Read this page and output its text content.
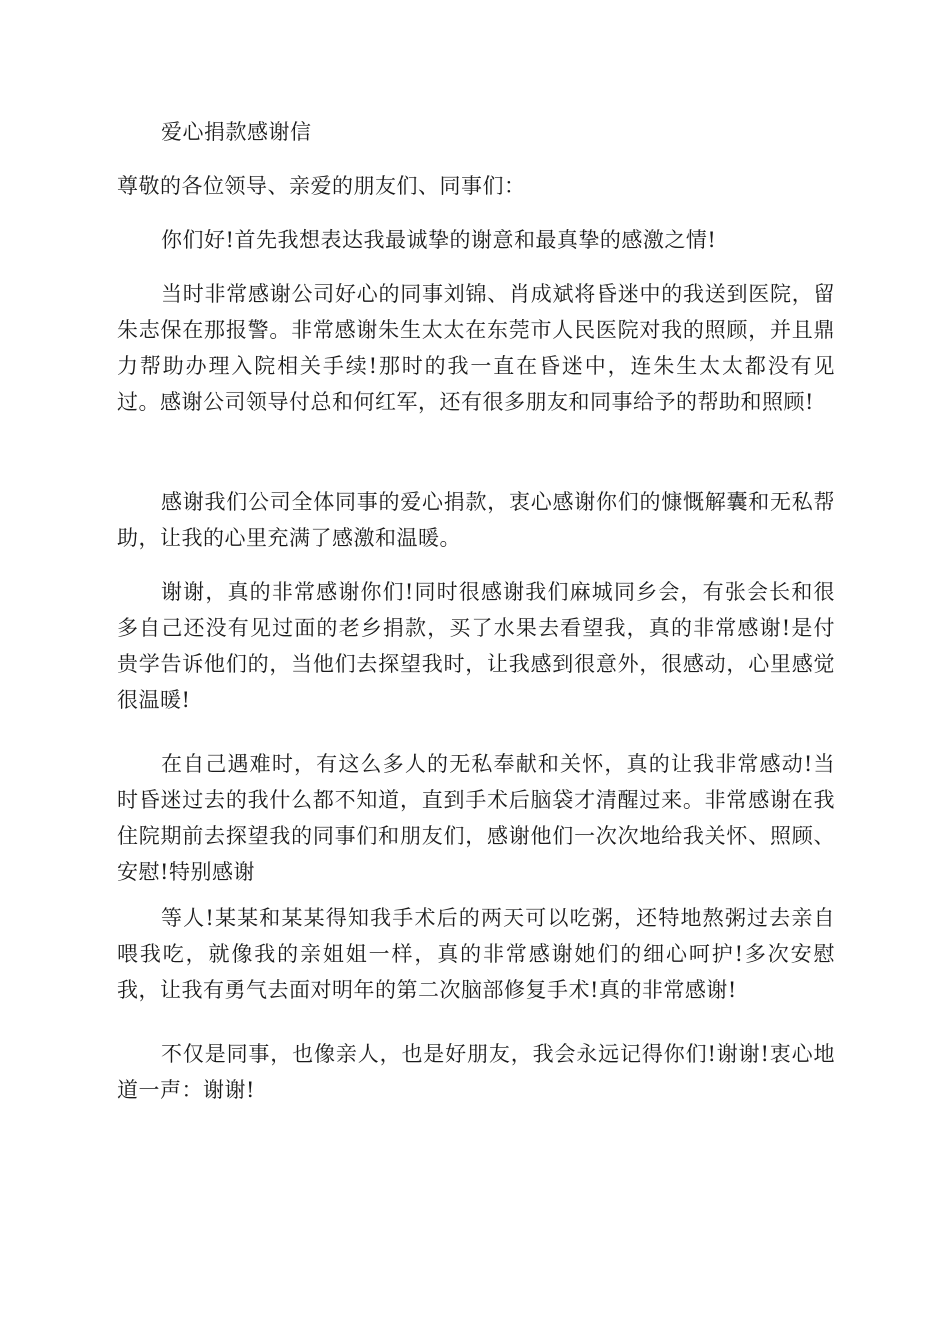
爱心捐款感谢信

尊敬的各位领导、亲爱的朋友们、同事们：

你们好!首先我想表达我最诚挚的谢意和最真挚的感激之情!

当时非常感谢公司好心的同事刘锦、肖成斌将昏迷中的我送到医院，留朱志保在那报警。非常感谢朱生太太在东莞市人民医院对我的照顾，并且鼎力帮助办理入院相关手续!那时的我一直在昏迷中，连朱生太太都没有见过。感谢公司领导付总和何红军，还有很多朋友和同事给予的帮助和照顾!

感谢我们公司全体同事的爱心捐款，衷心感谢你们的慷慨解囊和无私帮助，让我的心里充满了感激和温暖。

谢谢，真的非常感谢你们!同时很感谢我们麻城同乡会，有张会长和很多自己还没有见过面的老乡捐款，买了水果去看望我，真的非常感谢!是付贵学告诉他们的，当他们去探望我时，让我感到很意外，很感动，心里感觉很温暖!

在自己遇难时，有这么多人的无私奉献和关怀，真的让我非常感动!当时昏迷过去的我什么都不知道，直到手术后脑袋才清醒过来。非常感谢在我住院期前去探望我的同事们和朋友们，感谢他们一次次地给我关怀、照顾、安慰!特别感谢

等人!某某和某某得知我手术后的两天可以吃粥，还特地熬粥过去亲自喂我吃，就像我的亲姐姐一样，真的非常感谢她们的细心呵护!多次安慰我，让我有勇气去面对明年的第二次脑部修复手术!真的非常感谢!

不仅是同事，也像亲人，也是好朋友，我会永远记得你们!谢谢!衷心地道一声：谢谢!
